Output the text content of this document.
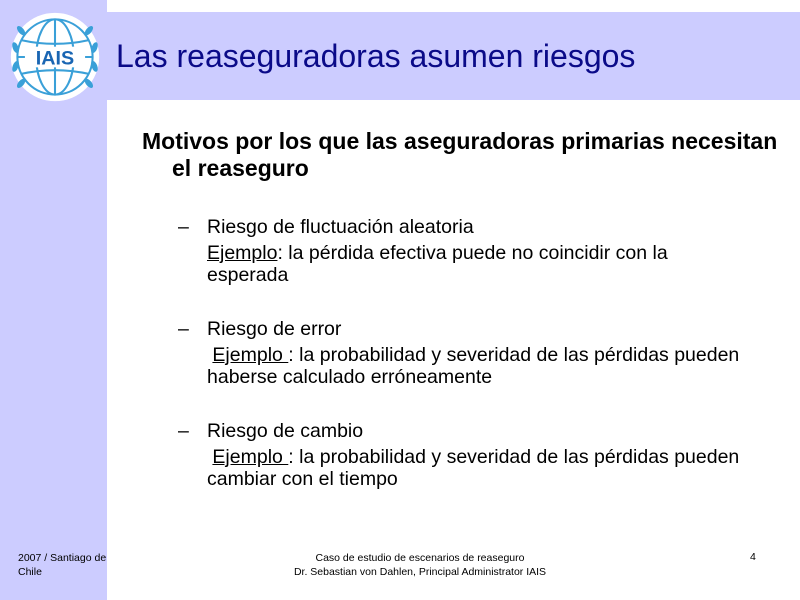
IAIS Las reaseguradoras asumen riesgos

Motivos por los que las aseguradoras primarias necesitan el reaseguro

– Riesgo de fluctuación aleatoria
Ejemplo: la pérdida efectiva puede no coincidir con la esperada
– Riesgo de error
Ejemplo : la probabilidad y severidad de las pérdidas pueden haberse calculado erróneamente
– Riesgo de cambio
Ejemplo : la probabilidad y severidad de las pérdidas pueden cambiar con el tiempo
2007 / Santiago de Chile
Caso de estudio de escenarios de reaseguro
Dr. Sebastian von Dahlen, Principal Administrator IAIS
4
